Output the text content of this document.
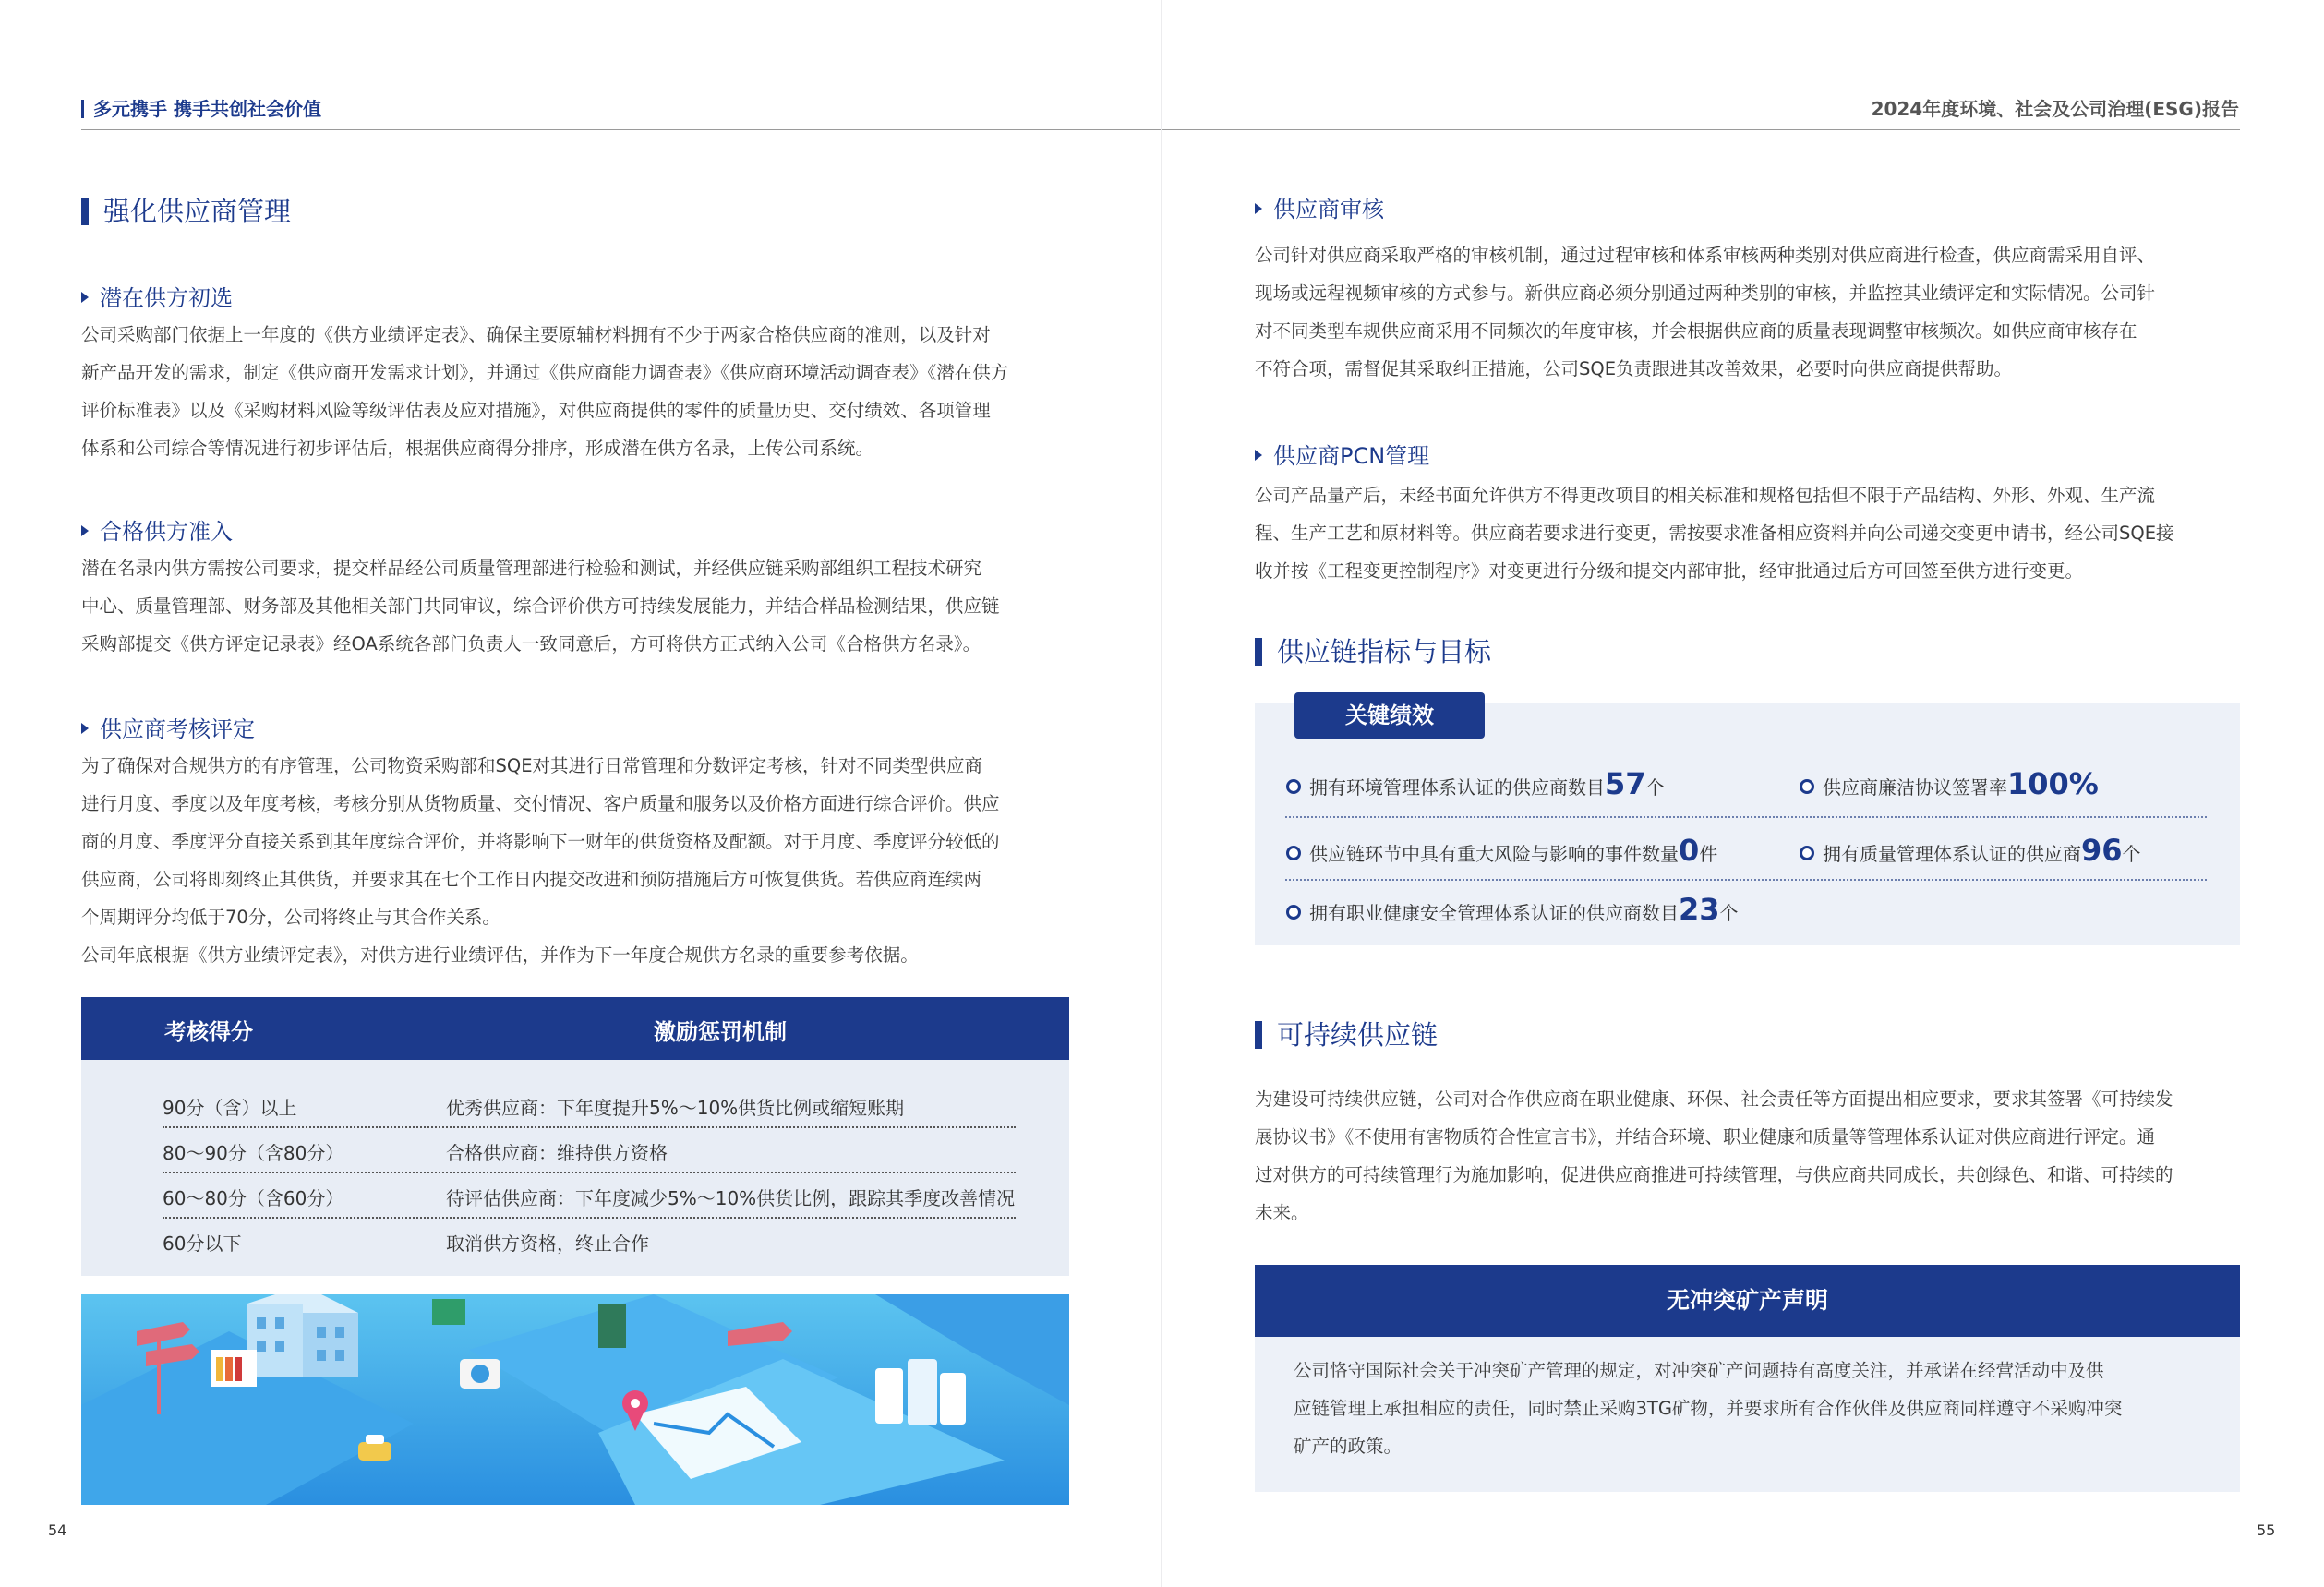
多元携手 携手共创社会价值
强化供应商管理
潜在供方初选
公司采购部门依据上一年度的《供方业绩评定表》、确保主要原辅材料拥有不少于两家合格供应商的准则，以及针对
新产品开发的需求，制定《供应商开发需求计划》，并通过《供应商能力调查表》《供应商环境活动调查表》《潜在供方
评价标准表》以及《采购材料风险等级评估表及应对措施》，对供应商提供的零件的质量历史、交付绩效、各项管理
体系和公司综合等情况进行初步评估后，根据供应商得分排序，形成潜在供方名录，上传公司系统。
合格供方准入
潜在名录内供方需按公司要求，提交样品经公司质量管理部进行检验和测试，并经供应链采购部组织工程技术研究
中心、质量管理部、财务部及其他相关部门共同审议，综合评价供方可持续发展能力，并结合样品检测结果，供应链
采购部提交《供方评定记录表》经OA系统各部门负责人一致同意后，方可将供方正式纳入公司《合格供方名录》。
供应商考核评定
为了确保对合规供方的有序管理，公司物资采购部和SQE对其进行日常管理和分数评定考核，针对不同类型供应商
进行月度、季度以及年度考核，考核分别从货物质量、交付情况、客户质量和服务以及价格方面进行综合评价。供应
商的月度、季度评分直接关系到其年度综合评价，并将影响下一财年的供货资格及配额。对于月度、季度评分较低的
供应商，公司将即刻终止其供货，并要求其在七个工作日内提交改进和预防措施后方可恢复供货。若供应商连续两
个周期评分均低于70分，公司将终止与其合作关系。
公司年底根据《供方业绩评定表》，对供方进行业绩评估，并作为下一年度合规供方名录的重要参考依据。
考核得分	激励惩罚机制
90分（含）以上	优秀供应商：下年度提升5%～10%供货比例或缩短账期
80～90分（含80分）	合格供应商：维持供方资格
60～80分（含60分）	待评估供应商：下年度减少5%～10%供货比例，跟踪其季度改善情况
60分以下	取消供方资格，终止合作
54
2024年度环境、社会及公司治理(ESG)报告
供应商审核
公司针对供应商采取严格的审核机制，通过过程审核和体系审核两种类别对供应商进行检查，供应商需采用自评、
现场或远程视频审核的方式参与。新供应商必须分别通过两种类别的审核，并监控其业绩评定和实际情况。公司针
对不同类型车规供应商采用不同频次的年度审核，并会根据供应商的质量表现调整审核频次。如供应商审核存在
不符合项，需督促其采取纠正措施，公司SQE负责跟进其改善效果，必要时向供应商提供帮助。
供应商PCN管理
公司产品量产后，未经书面允许供方不得更改项目的相关标准和规格包括但不限于产品结构、外形、外观、生产流
程、生产工艺和原材料等。供应商若要求进行变更，需按要求准备相应资料并向公司递交变更申请书，经公司SQE接
收并按《工程变更控制程序》对变更进行分级和提交内部审批，经审批通过后方可回签至供方进行变更。
供应链指标与目标
关键绩效
拥有环境管理体系认证的供应商数目57个	供应商廉洁协议签署率100%
供应链环节中具有重大风险与影响的事件数量0件	拥有质量管理体系认证的供应商96个
拥有职业健康安全管理体系认证的供应商数目23个
可持续供应链
为建设可持续供应链，公司对合作供应商在职业健康、环保、社会责任等方面提出相应要求，要求其签署《可持续发
展协议书》《不使用有害物质符合性宣言书》，并结合环境、职业健康和质量等管理体系认证对供应商进行评定。通
过对供方的可持续管理行为施加影响，促进供应商推进可持续管理，与供应商共同成长，共创绿色、和谐、可持续的
未来。
无冲突矿产声明
公司恪守国际社会关于冲突矿产管理的规定，对冲突矿产问题持有高度关注，并承诺在经营活动中及供
应链管理上承担相应的责任，同时禁止采购3TG矿物，并要求所有合作伙伴及供应商同样遵守不采购冲突
矿产的政策。
55
